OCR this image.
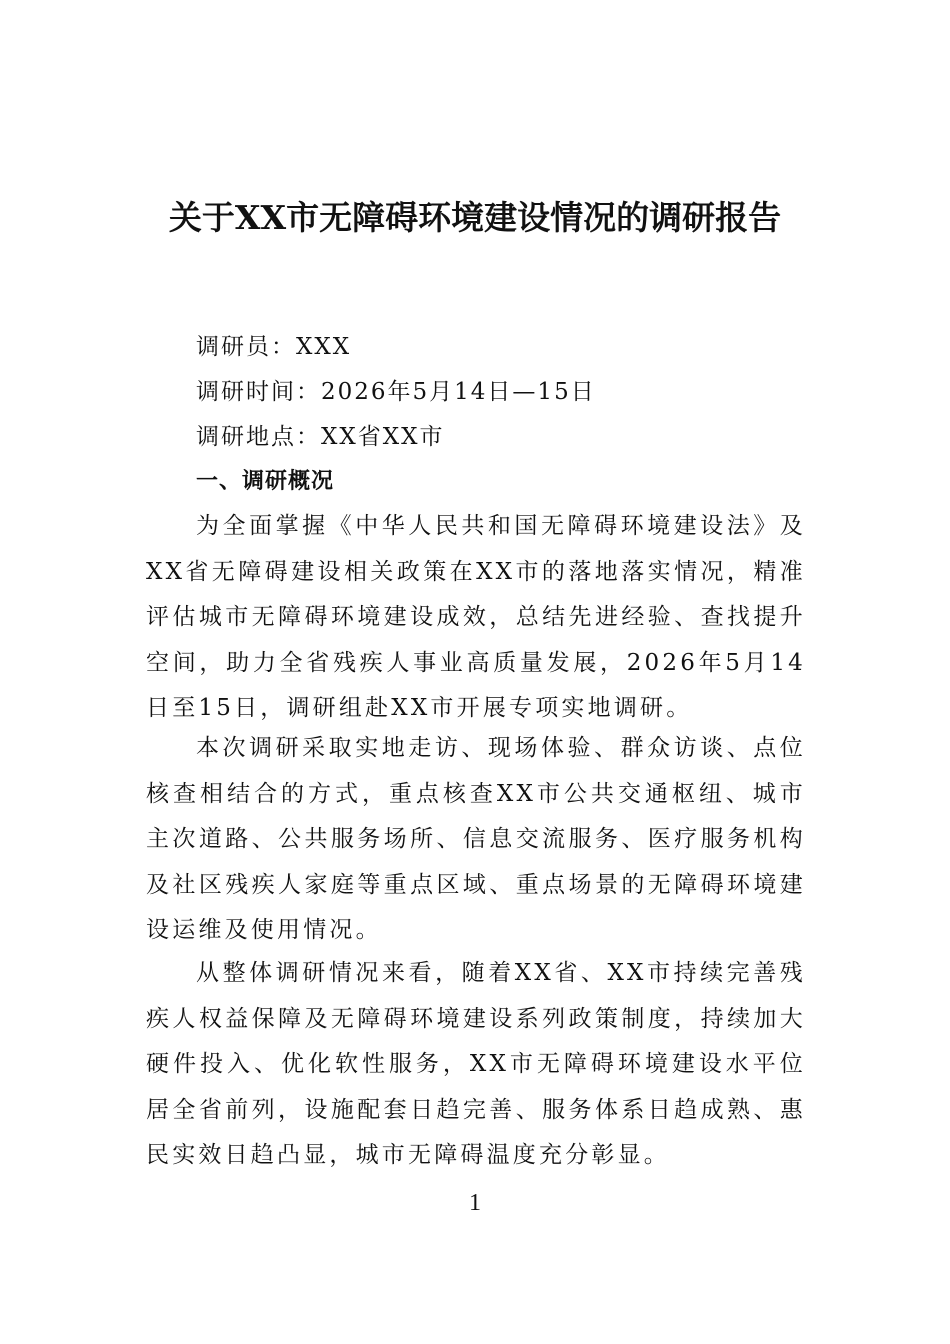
关于XX市无障碍环境建设情况的调研报告
调研员：XXX
调研时间：2026年5月14日—15日
调研地点：XX省XX市
一、调研概况

为全面掌握《中华人民共和国无障碍环境建设法》及XX省无障碍建设相关政策在XX市的落地落实情况，精准评估城市无障碍环境建设成效，总结先进经验、查找提升空间，助力全省残疾人事业高质量发展，2026年5月14日至15日，调研组赴XX市开展专项实地调研。

本次调研采取实地走访、现场体验、群众访谈、点位核查相结合的方式，重点核查XX市公共交通枢纽、城市主次道路、公共服务场所、信息交流服务、医疗服务机构及社区残疾人家庭等重点区域、重点场景的无障碍环境建设运维及使用情况。

从整体调研情况来看，随着XX省、XX市持续完善残疾人权益保障及无障碍环境建设系列政策制度，持续加大硬件投入、优化软性服务，XX市无障碍环境建设水平位居全省前列，设施配套日趋完善、服务体系日趋成熟、惠民实效日趋凸显，城市无障碍温度充分彰显。

1
